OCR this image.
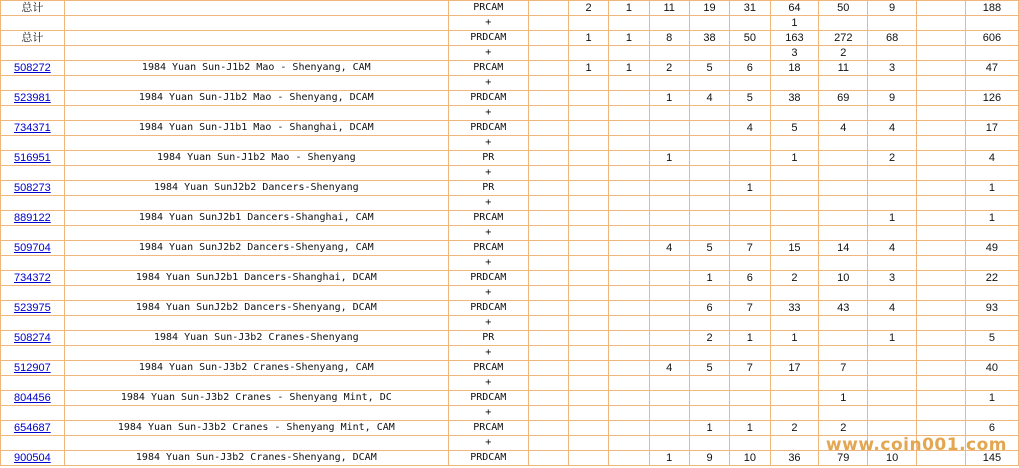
总计		PRCAM		2	1	11	19	31	64	50	9		188
		+							1				
总计		PRDCAM		1	1	8	38	50	163	272	68		606
		+							3	2			
508272	1984 Yuan Sun-J1b2 Mao - Shenyang, CAM	PRCAM		1	1	2	5	6	18	11	3		47
		+											
523981	1984 Yuan Sun-J1b2 Mao - Shenyang, DCAM	PRDCAM				1	4	5	38	69	9		126
		+											
734371	1984 Yuan Sun-J1b1 Mao - Shanghai, DCAM	PRDCAM						4	5	4	4		17
		+											
516951	1984 Yuan Sun-J1b2 Mao - Shenyang	PR				1			1		2		4
		+											
508273	1984 Yuan SunJ2b2 Dancers-Shenyang	PR						1					1
		+											
889122	1984 Yuan SunJ2b1 Dancers-Shanghai, CAM	PRCAM									1		1
		+											
509704	1984 Yuan SunJ2b2 Dancers-Shenyang, CAM	PRCAM				4	5	7	15	14	4		49
		+											
734372	1984 Yuan SunJ2b1 Dancers-Shanghai, DCAM	PRDCAM					1	6	2	10	3		22
		+											
523975	1984 Yuan SunJ2b2 Dancers-Shenyang, DCAM	PRDCAM					6	7	33	43	4		93
		+											
508274	1984 Yuan Sun-J3b2 Cranes-Shenyang	PR					2	1	1		1		5
		+											
512907	1984 Yuan Sun-J3b2 Cranes-Shenyang, CAM	PRCAM				4	5	7	17	7			40
		+											
804456	1984 Yuan Sun-J3b2 Cranes - Shenyang Mint, DC	PRDCAM								1			1
		+											
654687	1984 Yuan Sun-J3b2 Cranes - Shenyang Mint, CAM	PRCAM					1	1	2	2			6
		+											
900504	1984 Yuan Sun-J3b2 Cranes-Shenyang, DCAM	PRDCAM				1	9	10	36	79	10		145
www.coin001.com
